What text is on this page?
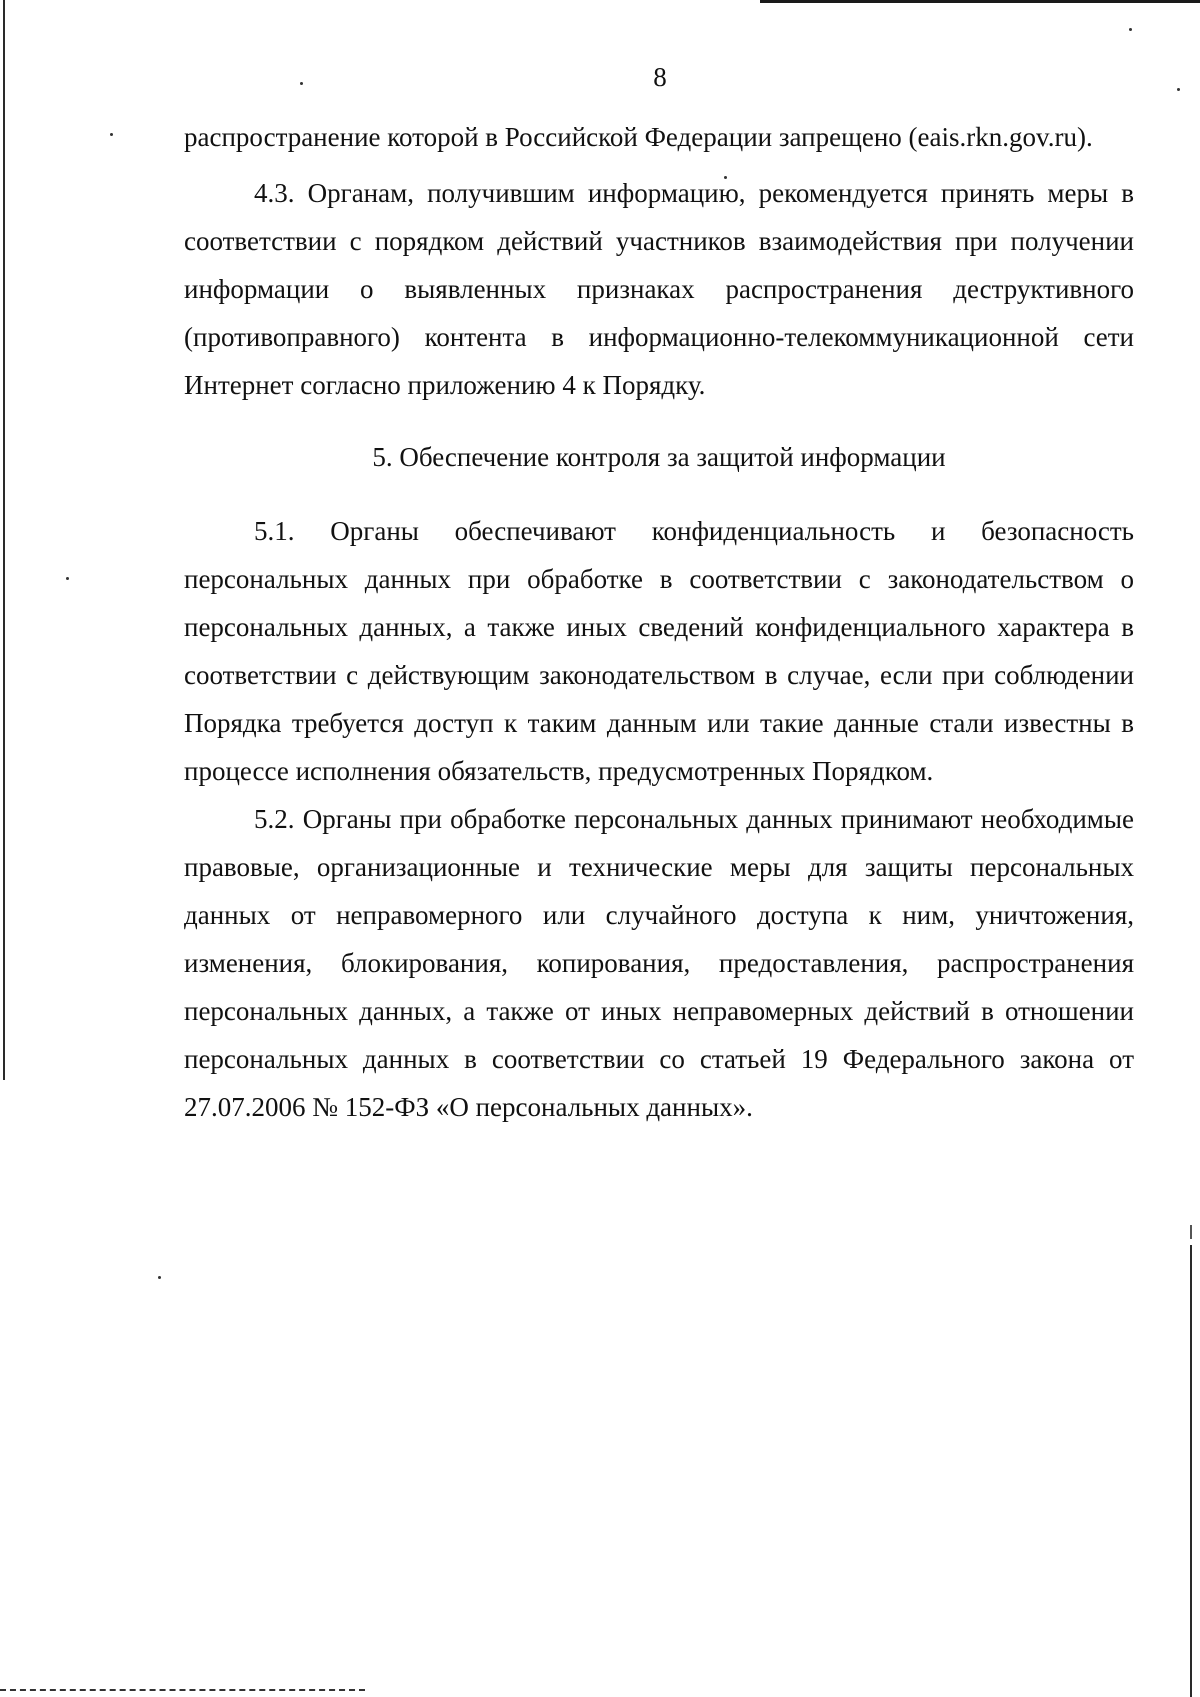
8

распространение которой в Российской Федерации запрещено (eais.rkn.gov.ru).

4.3. Органам, получившим информацию, рекомендуется принять меры в соответствии с порядком действий участников взаимодействия при получении информации о выявленных признаках распространения деструктивного (противоправного) контента в информационно-телекоммуникационной сети Интернет согласно приложению 4 к Порядку.

5. Обеспечение контроля за защитой информации

5.1. Органы обеспечивают конфиденциальность и безопасность персональных данных при обработке в соответствии с законодательством о персональных данных, а также иных сведений конфиденциального характера в соответствии с действующим законодательством в случае, если при соблюдении Порядка требуется доступ к таким данным или такие данные стали известны в процессе исполнения обязательств, предусмотренных Порядком.

5.2. Органы при обработке персональных данных принимают необходимые правовые, организационные и технические меры для защиты персональных данных от неправомерного или случайного доступа к ним, уничтожения, изменения, блокирования, копирования, предоставления, распространения персональных данных, а также от иных неправомерных действий в отношении персональных данных в соответствии со статьей 19 Федерального закона от 27.07.2006 № 152-ФЗ «О персональных данных».
